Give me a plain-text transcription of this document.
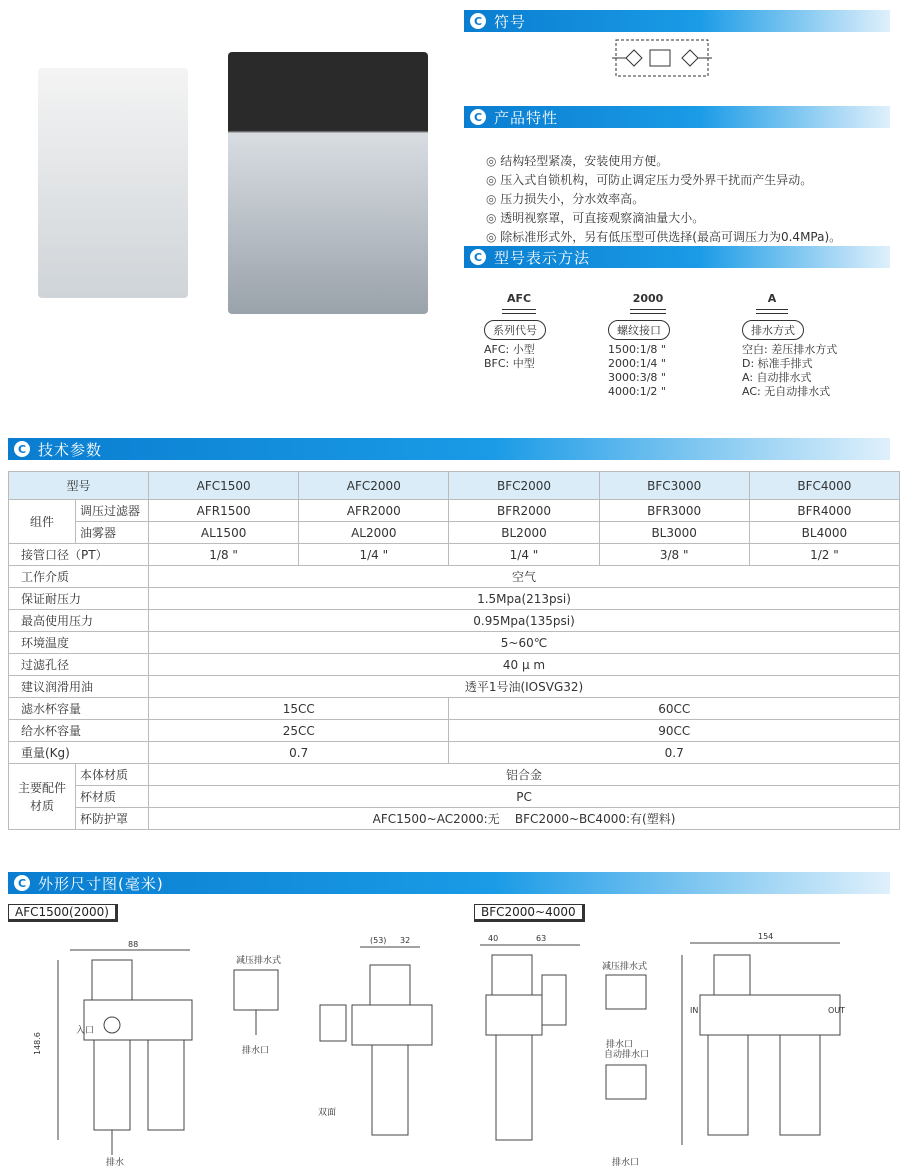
C 符号
C 产品特性
◎ 结构轻型紧凑，安装使用方便。
◎ 压入式自锁机构，可防止调定压力受外界干扰而产生异动。
◎ 压力损失小，分水效率高。
◎ 透明视察罩，可直接观察滴油量大小。
◎ 除标准形式外，另有低压型可供选择(最高可调压力为0.4MPa)。
C 型号表示方法
AFC
系列代号
AFC: 小型
BFC: 中型
2000
螺纹接口
1500:1/8 "
2000:1/4 "
3000:3/8 "
4000:1/2 "
A
排水方式
空白: 差压排水方式
D: 标准手排式
A: 自动排水式
AC: 无自动排水式
C 技术参数
型号		AFC1500	AFC2000	BFC2000	BFC3000	BFC4000
组件	调压过滤器	AFR1500	AFR2000	BFR2000	BFR3000	BFR4000
	油雾器	AL1500	AL2000	BL2000	BL3000	BL4000
接管口径（PT）		1/8 "	1/4 "	1/4 "	3/8 "	1/2 "
工作介质		空气				
保证耐压力		1.5Mpa(213psi)				
最高使用压力		0.95Mpa(135psi)				
环境温度		5~60℃				
过滤孔径		40 μ m				
建议润滑用油		透平1号油(IOSVG32)				
滤水杯容量		15CC		60CC		
给水杯容量		25CC		90CC		
重量(Kg)		0.7		0.7		
主要配件
材质	本体材质	铝合金				
	杯材质	PC				
	杯防护罩	AFC1500~AC2000:无    BFC2000~BC4000:有(塑料)				
C 外形尺寸图(毫米)
AFC1500(2000)	BFC2000~4000
88
148.6
入口
减压排水式
排水口
排水
(53) 32
双面
40	63
减压排水式
排水口
自动排水口
排水口
154
IN	OUT
